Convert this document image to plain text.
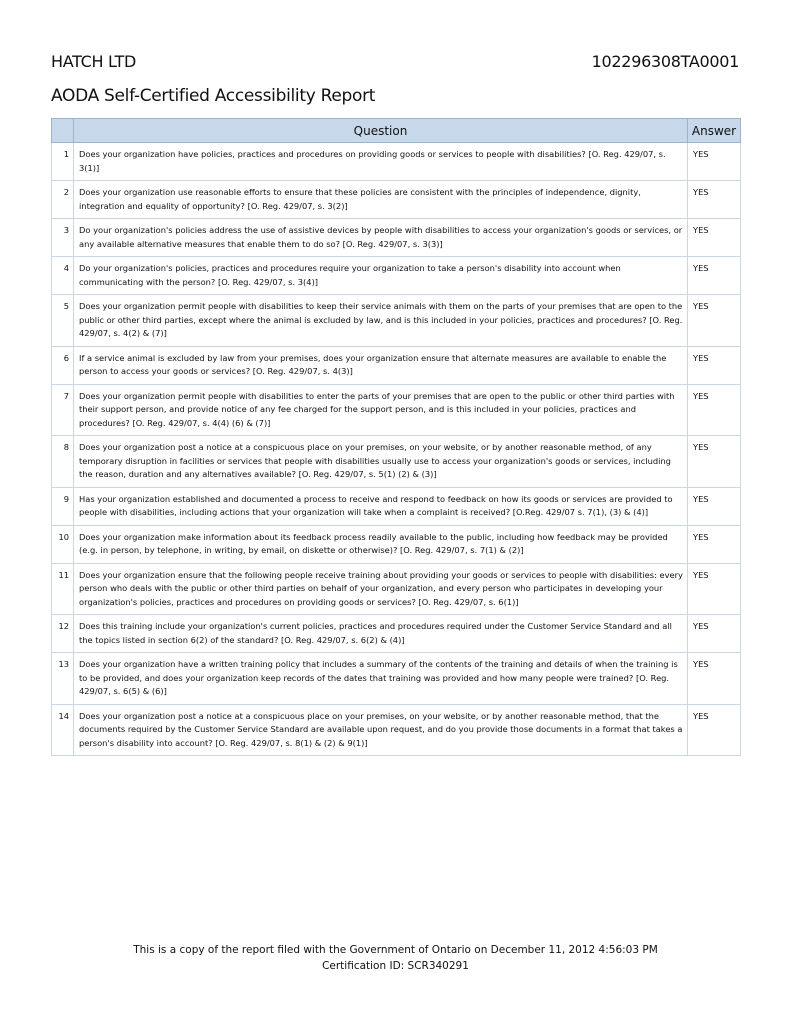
HATCH LTD	102296308TA0001
AODA Self-Certified Accessibility Report
	Question	Answer
1	Does your organization have policies, practices and procedures on providing goods or services to people with disabilities? [O. Reg. 429/07, s. 3(1)]	YES
2	Does your organization use reasonable efforts to ensure that these policies are consistent with the principles of independence, dignity, integration and equality of opportunity? [O. Reg. 429/07, s. 3(2)]	YES
3	Do your organization's policies address the use of assistive devices by people with disabilities to access your organization's goods or services, or any available alternative measures that enable them to do so? [O. Reg. 429/07, s. 3(3)]	YES
4	Do your organization's policies, practices and procedures require your organization to take a person's disability into account when communicating with the person? [O. Reg. 429/07, s. 3(4)]	YES
5	Does your organization permit people with disabilities to keep their service animals with them on the parts of your premises that are open to the public or other third parties, except where the animal is excluded by law, and is this included in your policies, practices and procedures? [O. Reg. 429/07, s. 4(2) & (7)]	YES
6	If a service animal is excluded by law from your premises, does your organization ensure that alternate measures are available to enable the person to access your goods or services? [O. Reg. 429/07, s. 4(3)]	YES
7	Does your organization permit people with disabilities to enter the parts of your premises that are open to the public or other third parties with their support person, and provide notice of any fee charged for the support person, and is this included in your policies, practices and procedures? [O. Reg. 429/07, s. 4(4) (6) & (7)]	YES
8	Does your organization post a notice at a conspicuous place on your premises, on your website, or by another reasonable method, of any temporary disruption in facilities or services that people with disabilities usually use to access your organization's goods or services, including the reason, duration and any alternatives available? [O. Reg. 429/07, s. 5(1) (2) & (3)]	YES
9	Has your organization established and documented a process to receive and respond to feedback on how its goods or services are provided to people with disabilities, including actions that your organization will take when a complaint is received? [O.Reg. 429/07 s. 7(1), (3) & (4)]	YES
10	Does your organization make information about its feedback process readily available to the public, including how feedback may be provided (e.g. in person, by telephone, in writing, by email, on diskette or otherwise)? [O. Reg. 429/07, s. 7(1) & (2)]	YES
11	Does your organization ensure that the following people receive training about providing your goods or services to people with disabilities: every person who deals with the public or other third parties on behalf of your organization, and every person who participates in developing your organization's policies, practices and procedures on providing goods or services? [O. Reg. 429/07, s. 6(1)]	YES
12	Does this training include your organization's current policies, practices and procedures required under the Customer Service Standard and all the topics listed in section 6(2) of the standard? [O. Reg. 429/07, s. 6(2) & (4)]	YES
13	Does your organization have a written training policy that includes a summary of the contents of the training and details of when the training is to be provided, and does your organization keep records of the dates that training was provided and how many people were trained? [O. Reg. 429/07, s. 6(5) & (6)]	YES
14	Does your organization post a notice at a conspicuous place on your premises, on your website, or by another reasonable method, that the documents required by the Customer Service Standard are available upon request, and do you provide those documents in a format that takes a person's disability into account? [O. Reg. 429/07, s. 8(1) & (2) & 9(1)]	YES
This is a copy of the report filed with the Government of Ontario on December 11, 2012 4:56:03 PM
Certification ID: SCR340291
